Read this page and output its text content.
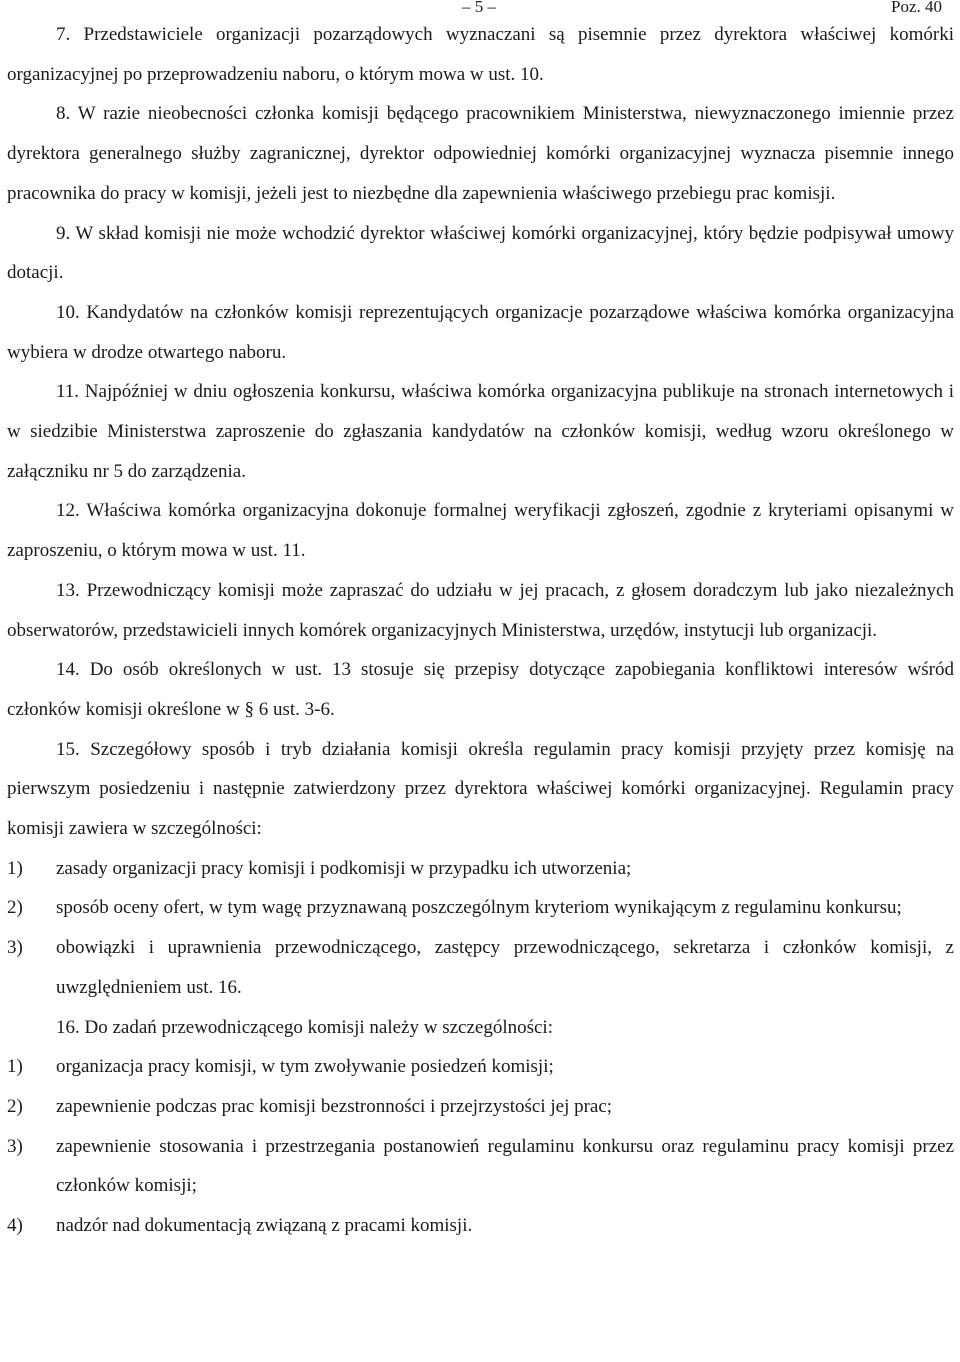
– 5 –	Poz. 40

7. Przedstawiciele organizacji pozarządowych wyznaczani są pisemnie przez dyrektora właściwej komórki organizacyjnej po przeprowadzeniu naboru, o którym mowa w ust. 10.

8. W razie nieobecności członka komisji będącego pracownikiem Ministerstwa, niewyznaczonego imiennie przez dyrektora generalnego służby zagranicznej, dyrektor odpowiedniej komórki organizacyjnej wyznacza pisemnie innego pracownika do pracy w komisji, jeżeli jest to niezbędne dla zapewnienia właściwego przebiegu prac komisji.

9. W skład komisji nie może wchodzić dyrektor właściwej komórki organizacyjnej, który będzie podpisywał umowy dotacji.

10. Kandydatów na członków komisji reprezentujących organizacje pozarządowe właściwa komórka organizacyjna wybiera w drodze otwartego naboru.

11. Najpóźniej w dniu ogłoszenia konkursu, właściwa komórka organizacyjna publikuje na stronach internetowych i w siedzibie Ministerstwa zaproszenie do zgłaszania kandydatów na członków komisji, według wzoru określonego w załączniku nr 5 do zarządzenia.

12. Właściwa komórka organizacyjna dokonuje formalnej weryfikacji zgłoszeń, zgodnie z kryteriami opisanymi w zaproszeniu, o którym mowa w ust. 11.

13. Przewodniczący komisji może zapraszać do udziału w jej pracach, z głosem doradczym lub jako niezależnych obserwatorów, przedstawicieli innych komórek organizacyjnych Ministerstwa, urzędów, instytucji lub organizacji.

14. Do osób określonych w ust. 13 stosuje się przepisy dotyczące zapobiegania konfliktowi interesów wśród członków komisji określone w § 6 ust. 3-6.

15. Szczegółowy sposób i tryb działania komisji określa regulamin pracy komisji przyjęty przez komisję na pierwszym posiedzeniu i następnie zatwierdzony przez dyrektora właściwej komórki organizacyjnej. Regulamin pracy komisji zawiera w szczególności:

1)	zasady organizacji pracy komisji i podkomisji w przypadku ich utworzenia;
2)	sposób oceny ofert, w tym wagę przyznawaną poszczególnym kryteriom wynikającym z regulaminu konkursu;
3)	obowiązki i uprawnienia przewodniczącego, zastępcy przewodniczącego, sekretarza i członków komisji, z uwzględnieniem ust. 16.

16. Do zadań przewodniczącego komisji należy w szczególności:

1)	organizacja pracy komisji, w tym zwoływanie posiedzeń komisji;
2)	zapewnienie podczas prac komisji bezstronności i przejrzystości jej prac;
3)	zapewnienie stosowania i przestrzegania postanowień regulaminu konkursu oraz regulaminu pracy komisji przez członków komisji;
4)	nadzór nad dokumentacją związaną z pracami komisji.
